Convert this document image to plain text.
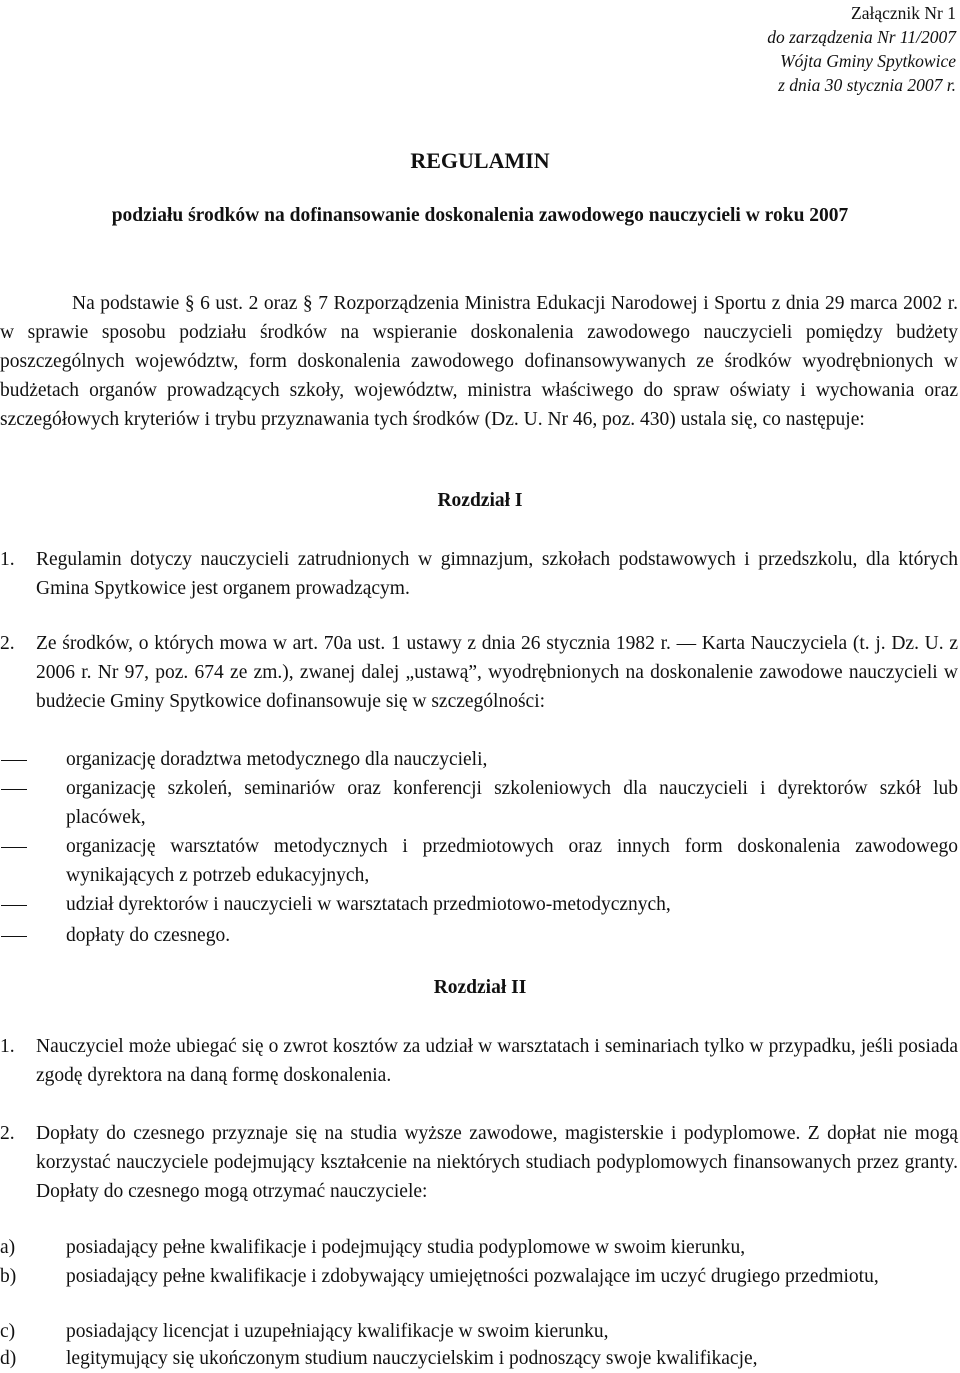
Załącznik Nr 1
do zarządzenia Nr 11/2007
Wójta Gminy Spytkowice
z dnia 30 stycznia 2007 r.
REGULAMIN
podziału środków na dofinansowanie doskonalenia zawodowego nauczycieli w roku 2007
Na podstawie § 6 ust. 2 oraz § 7 Rozporządzenia Ministra Edukacji Narodowej i Sportu z dnia 29 marca 2002 r. w sprawie sposobu podziału środków na wspieranie doskonalenia zawodowego nauczycieli pomiędzy budżety poszczególnych województw, form doskonalenia zawodowego dofinansowywanych ze środków wyodrębnionych w budżetach organów prowadzących szkoły, województw, ministra właściwego do spraw oświaty i wychowania oraz szczegółowych kryteriów i trybu przyznawania tych środków (Dz. U. Nr 46, poz. 430) ustala się, co następuje:
Rozdział I
1. Regulamin dotyczy nauczycieli zatrudnionych w gimnazjum, szkołach podstawowych i przedszkolu, dla których Gmina Spytkowice jest organem prowadzącym.
2. Ze środków, o których mowa w art. 70a ust. 1 ustawy z dnia 26 stycznia 1982 r. — Karta Nauczyciela (t. j. Dz. U. z 2006 r. Nr 97, poz. 674 ze zm.), zwanej dalej „ustawą”, wyodrębnionych na doskonalenie zawodowe nauczycieli w budżecie Gminy Spytkowice dofinansowuje się w szczególności:
organizację doradztwa metodycznego dla nauczycieli,
organizację szkoleń, seminariów oraz konferencji szkoleniowych dla nauczycieli i dyrektorów szkół lub placówek,
organizację warsztatów metodycznych i przedmiotowych oraz innych form doskonalenia zawodowego wynikających z potrzeb edukacyjnych,
udział dyrektorów i nauczycieli w warsztatach przedmiotowo-metodycznych,
dopłaty do czesnego.
Rozdział II
1. Nauczyciel może ubiegać się o zwrot kosztów za udział w warsztatach i seminariach tylko w przypadku, jeśli posiada zgodę dyrektora na daną formę doskonalenia.
2. Dopłaty do czesnego przyznaje się na studia wyższe zawodowe, magisterskie i podyplomowe. Z dopłat nie mogą korzystać nauczyciele podejmujący kształcenie na niektórych studiach podyplomowych finansowanych przez granty. Dopłaty do czesnego mogą otrzymać nauczyciele:
a)	posiadający pełne kwalifikacje i podejmujący studia podyplomowe w swoim kierunku,
b)	posiadający pełne kwalifikacje i zdobywający umiejętności pozwalające im uczyć drugiego przedmiotu,
c)	posiadający licencjat i uzupełniający kwalifikacje w swoim kierunku,
d)	legitymujący się ukończonym studium nauczycielskim i podnoszący swoje kwalifikacje,
